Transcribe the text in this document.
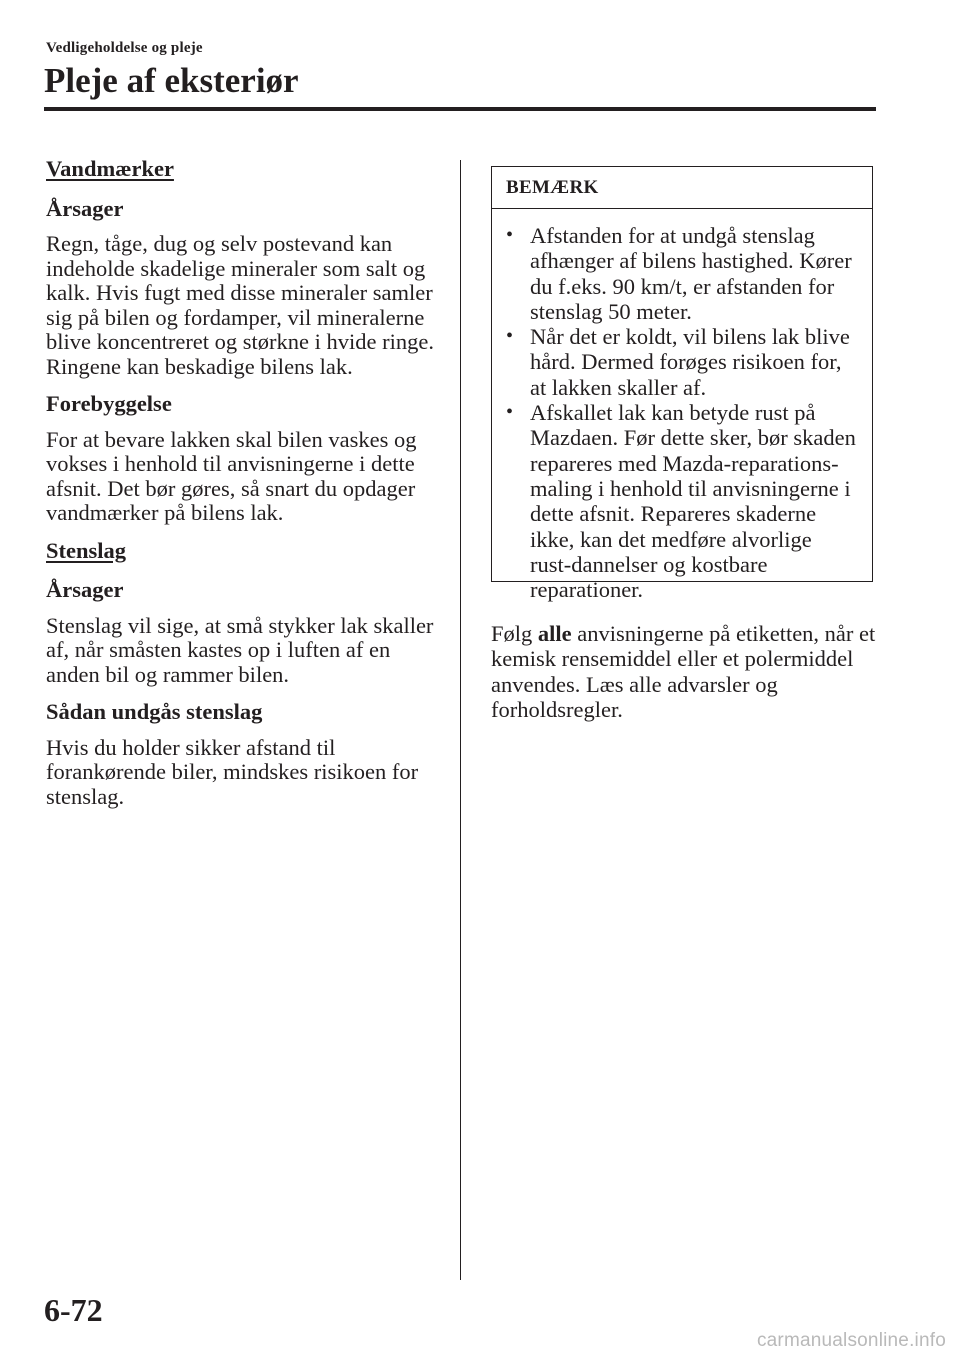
Vedligeholdelse og pleje
Pleje af eksteriør
Vandmærker
Årsager

Regn, tåge, dug og selv postevand kan indeholde skadelige mineraler som salt og kalk. Hvis fugt med disse mineraler samler sig på bilen og fordamper, vil mineralerne blive koncentreret og størkne i hvide ringe. Ringene kan beskadige bilens lak.

Forebyggelse

For at bevare lakken skal bilen vaskes og vokses i henhold til anvisningerne i dette afsnit. Det bør gøres, så snart du opdager vandmærker på bilens lak.

Stenslag
Årsager

Stenslag vil sige, at små stykker lak skaller af, når småsten kastes op i luften af en anden bil og rammer bilen.

Sådan undgås stenslag

Hvis du holder sikker afstand til forankørende biler, mindskes risikoen for stenslag.

BEMÆRK
• Afstanden for at undgå stenslag afhænger af bilens hastighed. Kører du f.eks. 90 km/t, er afstanden for stenslag 50 meter.
• Når det er koldt, vil bilens lak blive hård. Dermed forøges risikoen for, at lakken skaller af.
• Afskallet lak kan betyde rust på Mazdaen. Før dette sker, bør skaden repareres med Mazda-reparations-maling i henhold til anvisningerne i dette afsnit. Repareres skaderne ikke, kan det medføre alvorlige rust-dannelser og kostbare reparationer.

Følg alle anvisningerne på etiketten, når et kemisk rensemiddel eller et polermiddel anvendes. Læs alle advarsler og forholdsregler.

6-72
carmanualsonline.info
